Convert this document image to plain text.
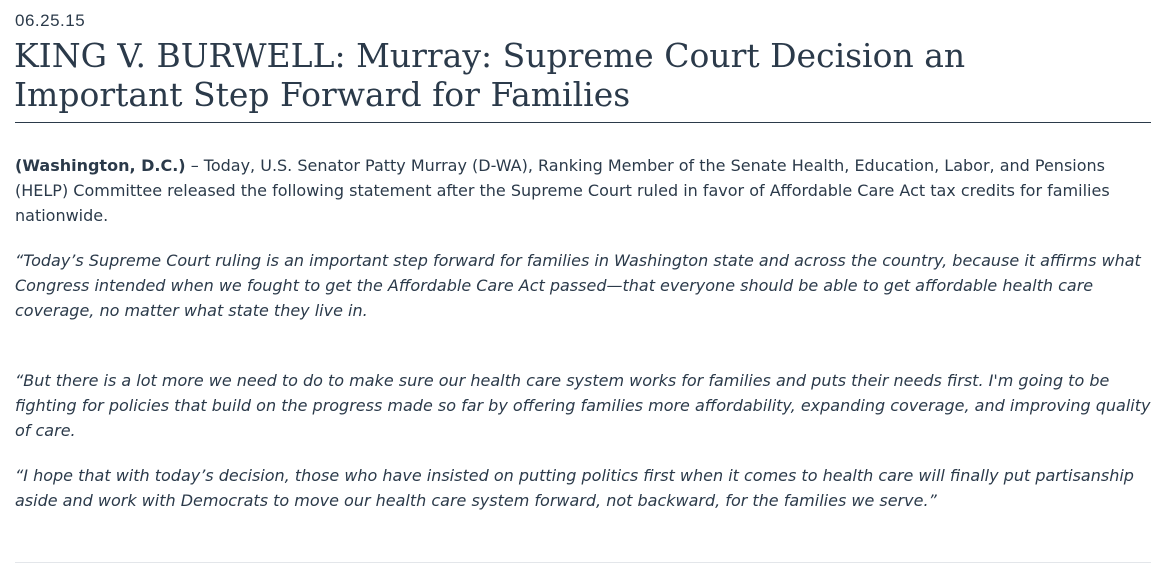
06.25.15
KING V. BURWELL: Murray: Supreme Court Decision an Important Step Forward for Families

(Washington, D.C.) – Today, U.S. Senator Patty Murray (D-WA), Ranking Member of the Senate Health, Education, Labor, and Pensions (HELP) Committee released the following statement after the Supreme Court ruled in favor of Affordable Care Act tax credits for families nationwide.

“Today’s Supreme Court ruling is an important step forward for families in Washington state and across the country, because it affirms what Congress intended when we fought to get the Affordable Care Act passed—that everyone should be able to get affordable health care coverage, no matter what state they live in.

“But there is a lot more we need to do to make sure our health care system works for families and puts their needs first. I'm going to be fighting for policies that build on the progress made so far by offering families more affordability, expanding coverage, and improving quality of care.

“I hope that with today’s decision, those who have insisted on putting politics first when it comes to health care will finally put partisanship aside and work with Democrats to move our health care system forward, not backward, for the families we serve.”
